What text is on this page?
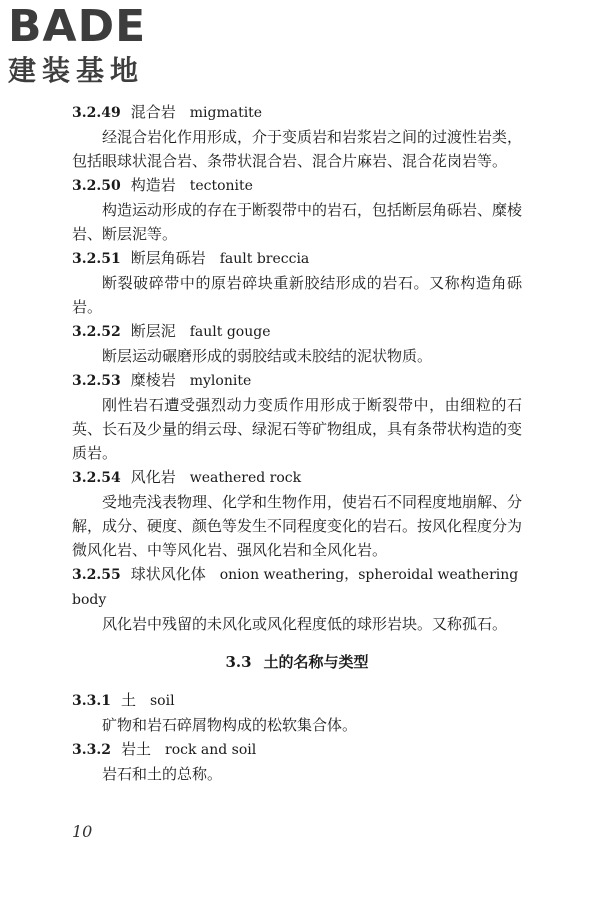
BADE
建装基地
3.2.49 混合岩 migmatite

经混合岩化作用形成，介于变质岩和岩浆岩之间的过渡性岩类，包括眼球状混合岩、条带状混合岩、混合片麻岩、混合花岗岩等。

3.2.50 构造岩 tectonite

构造运动形成的存在于断裂带中的岩石，包括断层角砾岩、糜棱岩、断层泥等。

3.2.51 断层角砾岩 fault breccia

断裂破碎带中的原岩碎块重新胶结形成的岩石。又称构造角砾岩。

3.2.52 断层泥 fault gouge

断层运动碾磨形成的弱胶结或未胶结的泥状物质。

3.2.53 糜棱岩 mylonite

刚性岩石遭受强烈动力变质作用形成于断裂带中，由细粒的石英、长石及少量的绢云母、绿泥石等矿物组成，具有条带状构造的变质岩。

3.2.54 风化岩 weathered rock

受地壳浅表物理、化学和生物作用，使岩石不同程度地崩解、分解，成分、硬度、颜色等发生不同程度变化的岩石。按风化程度分为微风化岩、中等风化岩、强风化岩和全风化岩。

3.2.55 球状风化体 onion weathering，spheroidal weathering body

风化岩中残留的未风化或风化程度低的球形岩块。又称孤石。

3.3 土的名称与类型
3.3.1 土 soil

矿物和岩石碎屑物构成的松软集合体。

3.3.2 岩土 rock and soil

岩石和土的总称。

10
